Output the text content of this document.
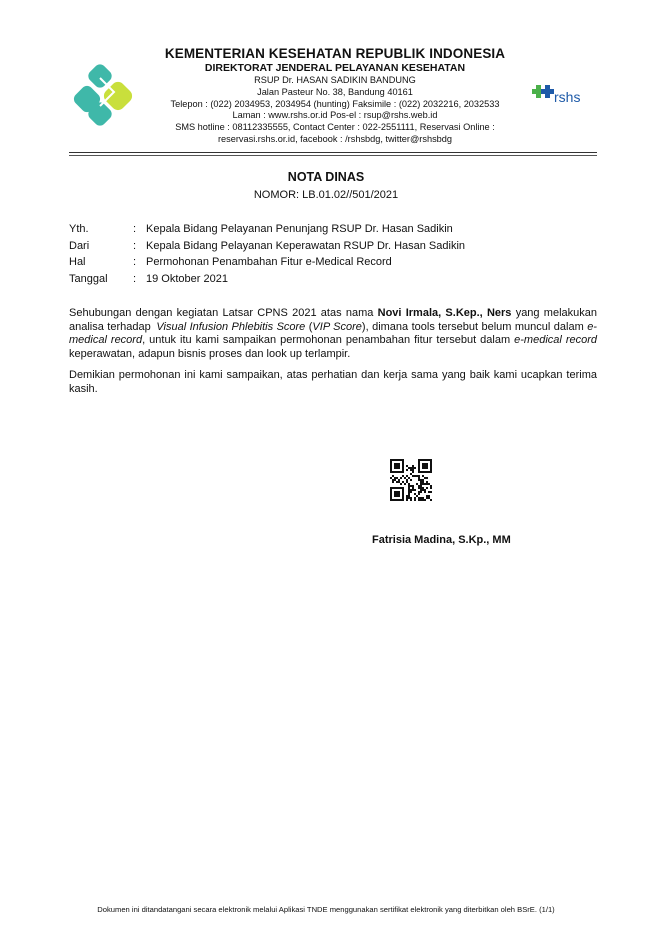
KEMENTERIAN KESEHATAN REPUBLIK INDONESIA
DIREKTORAT JENDERAL PELAYANAN KESEHATAN
RSUP Dr. HASAN SADIKIN BANDUNG
Jalan Pasteur No. 38, Bandung 40161
Telepon : (022) 2034953, 2034954 (hunting) Faksimile : (022) 2032216, 2032533
Laman : www.rshs.or.id Pos-el : rsup@rshs.web.id
SMS hotline : 08112335555, Contact Center : 022-2551111, Reservasi Online :
reservasi.rshs.or.id, facebook : /rshsbdg, twitter@rshsbdg
rshs
NOTA DINAS
NOMOR: LB.01.02//501/2021
Yth.	: Kepala Bidang Pelayanan Penunjang RSUP Dr. Hasan Sadikin
Dari	: Kepala Bidang Pelayanan Keperawatan RSUP Dr. Hasan Sadikin
Hal	: Permohonan Penambahan Fitur e-Medical Record
Tanggal	: 19 Oktober 2021

Sehubungan dengan kegiatan Latsar CPNS 2021 atas nama Novi Irmala, S.Kep., Ners yang melakukan analisa terhadap  Visual Infusion Phlebitis Score (VIP Score), dimana tools tersebut belum muncul dalam e-medical record, untuk itu kami sampaikan permohonan penambahan fitur tersebut dalam e-medical record keperawatan, adapun bisnis proses dan look up terlampir.

Demikian permohonan ini kami sampaikan, atas perhatian dan kerja sama yang baik kami ucapkan terima kasih.

Fatrisia Madina, S.Kp., MM
Dokumen ini ditandatangani secara elektronik melalui Aplikasi TNDE menggunakan sertifikat elektronik yang diterbitkan oleh BSrE. (1/1)
